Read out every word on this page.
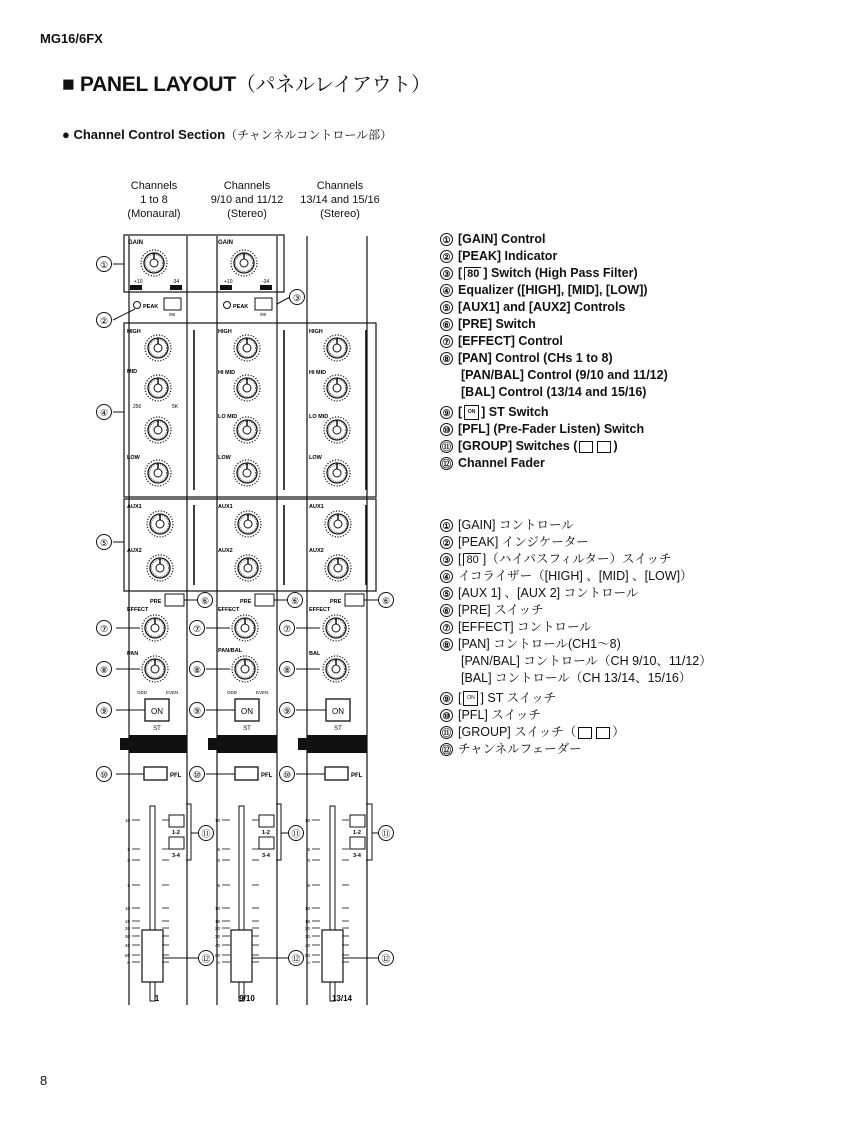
MG16/6FX
■ PANEL LAYOUT（パネルレイアウト）
● Channel Control Section（チャンネルコントロール部）
Channels
1 to 8
(Monaural)
Channels
9/10 and 11/12
(Stereo)
Channels
13/14 and 15/16
(Stereo)
GAIN
+10	-34
GAIN
+10	-34
PEAK
/80
PEAK
/80
HIGH
MID
250	5K
LOW
HIGH
HI MID
LO MID
LOW
HIGH
HI MID
LO MID
LOW
AUX1
AUX2
AUX1
AUX2
AUX1
AUX2
PRE	PRE	PRE
EFFECT	EFFECT	EFFECT
PAN	PAN/BAL	BAL
ODD	EVEN	ODD	EVEN
ON
ST
ON
ST
ON
ST
PFL	PFL	PFL
1-2
3-4
1
1-2
3-4
9/10
1-2
3-4
13/14
10
5
0
5
10
15
20
30
40
60
∞
10
5
0
5
10
15
20
30
40
60
∞
10
5
0
5
10
15
20
30
40
60
∞
①
②
③
④
⑤
⑥	⑥	⑥
⑦	⑦	⑦
⑧	⑧	⑧
⑨	⑨	⑨
⑩	⑩	⑩
⑪	⑪	⑪
⑫	⑫	⑫
① [GAIN] Control
② [PEAK] Indicator
③ [ 80 ] Switch (High Pass Filter)
④ Equalizer ([HIGH], [MID], [LOW])
⑤ [AUX1] and [AUX2] Controls
⑥ [PRE] Switch
⑦ [EFFECT] Control
⑧ [PAN] Control (CHs 1 to 8)
[PAN/BAL] Control (9/10 and 11/12)
[BAL] Control (13/14 and 15/16)
⑨ [	ON ] ST Switch
⑩ [PFL] (Pre-Fader Listen) Switch
⑪ [GROUP] Switches (	)
⑫ Channel Fader
① [GAIN] コントロール
② [PEAK] インジケーター
③ [ 80 ]（ハイパスフィルター）スイッチ
④ イコライザー（[HIGH] 、[MID] 、[LOW]）
⑤ [AUX 1] 、[AUX 2] コントロール
⑥ [PRE] スイッチ
⑦ [EFFECT] コントロール
⑧ [PAN] コントロール(CH1〜8)
[PAN/BAL] コントロール（CH 9/10、11/12）
[BAL] コントロール（CH 13/14、15/16）
⑨ [	ON ] ST スイッチ
⑩ [PFL] スイッチ
⑪ [GROUP] スイッチ（	）
⑫ チャンネルフェーダー
8
